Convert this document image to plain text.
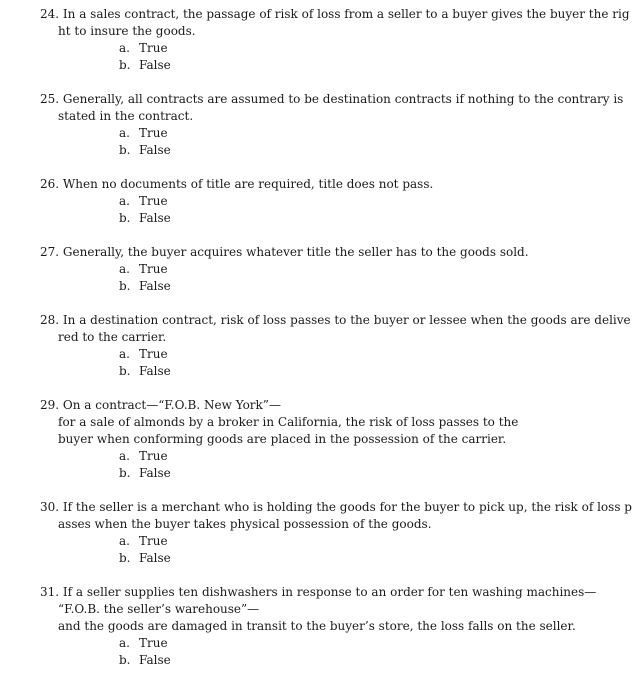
24. In a sales contract, the passage of risk of loss from a seller to a buyer gives the buyer the rig
ht to insure the goods.
a. True
b. False
25. Generally, all contracts are assumed to be destination contracts if nothing to the contrary is
stated in the contract.
a. True
b. False
26. When no documents of title are required, title does not pass.
a. True
b. False
27. Generally, the buyer acquires whatever title the seller has to the goods sold.
a. True
b. False
28. In a destination contract, risk of loss passes to the buyer or lessee when the goods are delive
red to the carrier.
a. True
b. False
29. On a contract—“F.O.B. New York”—
for a sale of almonds by a broker in California, the risk of loss passes to the
buyer when conforming goods are placed in the possession of the carrier.
a. True
b. False
30. If the seller is a merchant who is holding the goods for the buyer to pick up, the risk of loss p
asses when the buyer takes physical possession of the goods.
a. True
b. False
31. If a seller supplies ten dishwashers in response to an order for ten washing machines—
“F.O.B. the seller’s warehouse”—
and the goods are damaged in transit to the buyer’s store, the loss falls on the seller.
a. True
b. False
